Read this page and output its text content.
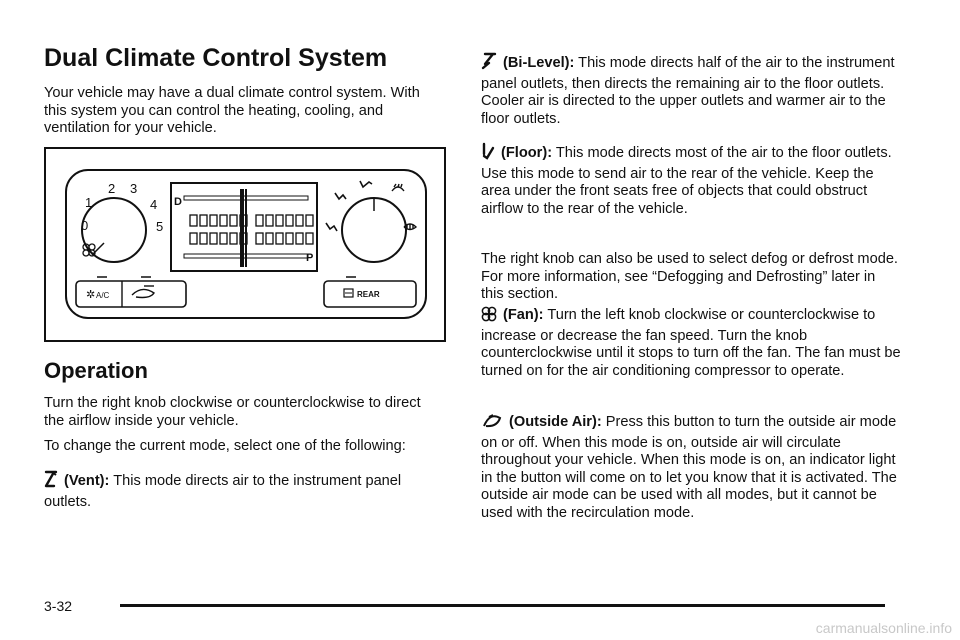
Dual Climate Control System

Your vehicle may have a dual climate control system. With this system you can control the heating, cooling, and ventilation for your vehicle.

1
2 3
4
0	5
D
P
✲ A/C	REAR
Operation

Turn the right knob clockwise or counterclockwise to direct the airflow inside your vehicle.

To change the current mode, select one of the following:

(Vent): This mode directs air to the instrument panel outlets.

(Bi-Level): This mode directs half of the air to the instrument panel outlets, then directs the remaining air to the floor outlets. Cooler air is directed to the upper outlets and warmer air to the floor outlets.

(Floor): This mode directs most of the air to the floor outlets. Use this mode to send air to the rear of the vehicle. Keep the area under the front seats free of objects that could obstruct airflow to the rear of the vehicle.

The right knob can also be used to select defog or defrost mode. For more information, see “Defogging and Defrosting” later in this section.

(Fan): Turn the left knob clockwise or counterclockwise to increase or decrease the fan speed. Turn the knob counterclockwise until it stops to turn off the fan. The fan must be turned on for the air conditioning compressor to operate.

(Outside Air): Press this button to turn the outside air mode on or off. When this mode is on, outside air will circulate throughout your vehicle. When this mode is on, an indicator light in the button will come on to let you know that it is activated. The outside air mode can be used with all modes, but it cannot be used with the recirculation mode.

3-32
carmanualsonline.info
